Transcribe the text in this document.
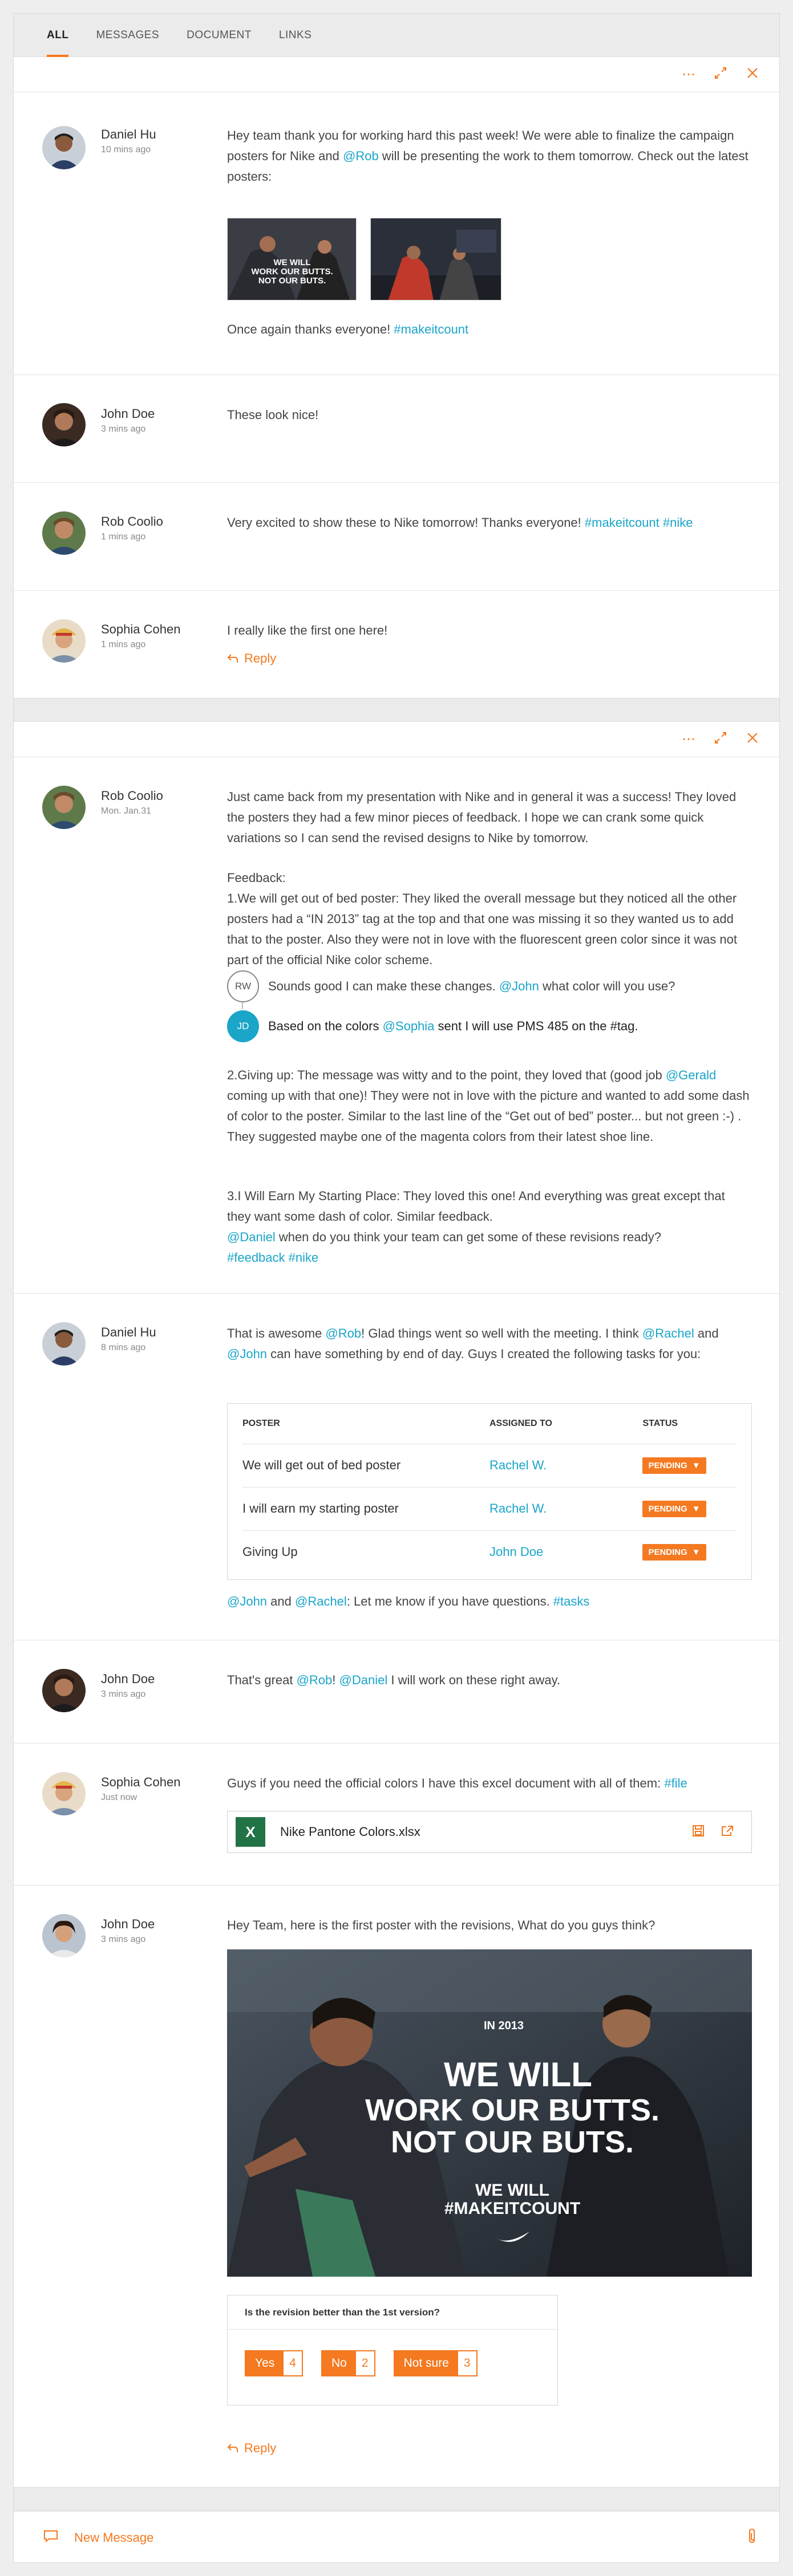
ALL	MESSAGES	DOCUMENT	LINKS
⋯
Daniel Hu
10 mins ago
Hey team thank you for working hard this past week! We were able to finalize the campaign posters for Nike and @Rob will be presenting the work to them tomorrow. Check out the latest posters:
WE WILL
WORK OUR BUTTS.
NOT OUR BUTS.
Once again thanks everyone! #makeitcount
John Doe
3 mins ago
These look nice!
Rob Coolio
1 mins ago
Very excited to show these to Nike tomorrow! Thanks everyone! #makeitcount #nike
Sophia Cohen
1 mins ago
I really like the first one here!
Reply
⋯
Rob Coolio
Mon. Jan.31
Just came back from my presentation with Nike and in general it was a success! They loved the posters they had a few minor pieces of feedback. I hope we can crank some quick variations so I can send the revised designs to Nike by tomorrow.
Feedback:
1.We will get out of bed poster: They liked the overall message but they noticed all the other posters had a “IN 2013” tag at the top and that one was missing it so they wanted us to add that to the poster. Also they were not in love with the fluorescent green color since it was not part of the official Nike color scheme.
RW	Sounds good I can make these changes. @John what color will you use?
JD	Based on the colors @Sophia sent I will use PMS 485 on the #tag.
2.Giving up: The message was witty and to the point, they loved that (good job @Gerald coming up with that one)! They were not in love with the picture and wanted to add some dash of color to the poster. Similar to the last line of the “Get out of bed” poster... but not green :-) . They suggested maybe one of the magenta colors from their latest shoe line.
3.I Will Earn My Starting Place: They loved this one! And everything was great except that they want some dash of color. Similar feedback.
@Daniel when do you think your team can get some of these revisions ready?
#feedback #nike
Daniel Hu
8 mins ago
That is awesome @Rob! Glad things went so well with the meeting. I think @Rachel and @John can have something by end of day. Guys I created the following tasks for you:
POSTER	ASSIGNED TO	STATUS
We will get out of bed poster	Rachel W.	PENDING ▼

I will earn my starting poster	Rachel W.	PENDING ▼

Giving Up	John Doe	PENDING ▼
@John and @Rachel: Let me know if you have questions. #tasks
John Doe
3 mins ago
That's great @Rob! @Daniel I will work on these right away.
Sophia Cohen
Just now
Guys if you need the official colors I have this excel document with all of them: #file
X	Nike Pantone Colors.xlsx
John Doe
3 mins ago
Hey Team, here is the first poster with the revisions, What do you guys think?
IN 2013
WE WILL
WORK OUR BUTTS.
NOT OUR BUTS.
WE WILL
#MAKEITCOUNT
Is the revision better than the 1st version?
Yes	4	No	2	Not sure	3
Reply
New Message
